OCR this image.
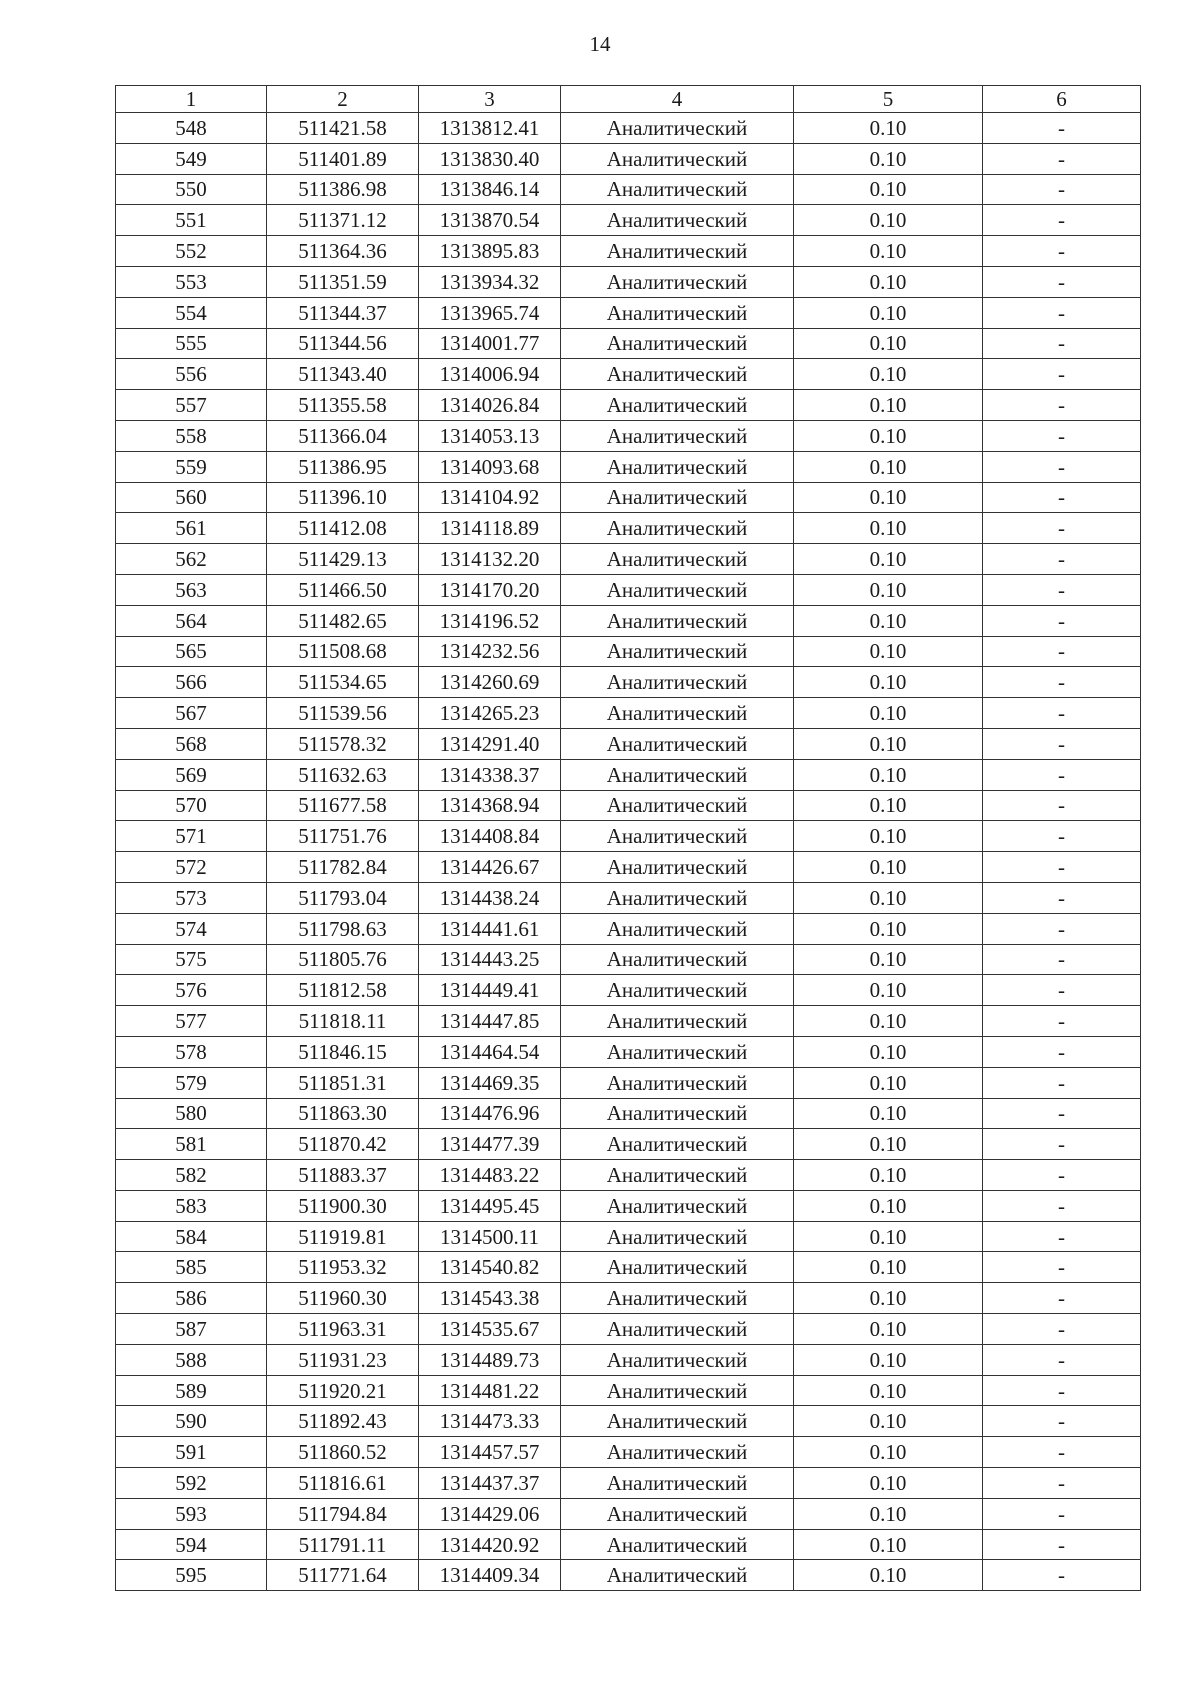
14
1	2	3	4	5	6
548	511421.58	1313812.41	Аналитический	0.10	-
549	511401.89	1313830.40	Аналитический	0.10	-
550	511386.98	1313846.14	Аналитический	0.10	-
551	511371.12	1313870.54	Аналитический	0.10	-
552	511364.36	1313895.83	Аналитический	0.10	-
553	511351.59	1313934.32	Аналитический	0.10	-
554	511344.37	1313965.74	Аналитический	0.10	-
555	511344.56	1314001.77	Аналитический	0.10	-
556	511343.40	1314006.94	Аналитический	0.10	-
557	511355.58	1314026.84	Аналитический	0.10	-
558	511366.04	1314053.13	Аналитический	0.10	-
559	511386.95	1314093.68	Аналитический	0.10	-
560	511396.10	1314104.92	Аналитический	0.10	-
561	511412.08	1314118.89	Аналитический	0.10	-
562	511429.13	1314132.20	Аналитический	0.10	-
563	511466.50	1314170.20	Аналитический	0.10	-
564	511482.65	1314196.52	Аналитический	0.10	-
565	511508.68	1314232.56	Аналитический	0.10	-
566	511534.65	1314260.69	Аналитический	0.10	-
567	511539.56	1314265.23	Аналитический	0.10	-
568	511578.32	1314291.40	Аналитический	0.10	-
569	511632.63	1314338.37	Аналитический	0.10	-
570	511677.58	1314368.94	Аналитический	0.10	-
571	511751.76	1314408.84	Аналитический	0.10	-
572	511782.84	1314426.67	Аналитический	0.10	-
573	511793.04	1314438.24	Аналитический	0.10	-
574	511798.63	1314441.61	Аналитический	0.10	-
575	511805.76	1314443.25	Аналитический	0.10	-
576	511812.58	1314449.41	Аналитический	0.10	-
577	511818.11	1314447.85	Аналитический	0.10	-
578	511846.15	1314464.54	Аналитический	0.10	-
579	511851.31	1314469.35	Аналитический	0.10	-
580	511863.30	1314476.96	Аналитический	0.10	-
581	511870.42	1314477.39	Аналитический	0.10	-
582	511883.37	1314483.22	Аналитический	0.10	-
583	511900.30	1314495.45	Аналитический	0.10	-
584	511919.81	1314500.11	Аналитический	0.10	-
585	511953.32	1314540.82	Аналитический	0.10	-
586	511960.30	1314543.38	Аналитический	0.10	-
587	511963.31	1314535.67	Аналитический	0.10	-
588	511931.23	1314489.73	Аналитический	0.10	-
589	511920.21	1314481.22	Аналитический	0.10	-
590	511892.43	1314473.33	Аналитический	0.10	-
591	511860.52	1314457.57	Аналитический	0.10	-
592	511816.61	1314437.37	Аналитический	0.10	-
593	511794.84	1314429.06	Аналитический	0.10	-
594	511791.11	1314420.92	Аналитический	0.10	-
595	511771.64	1314409.34	Аналитический	0.10	-
